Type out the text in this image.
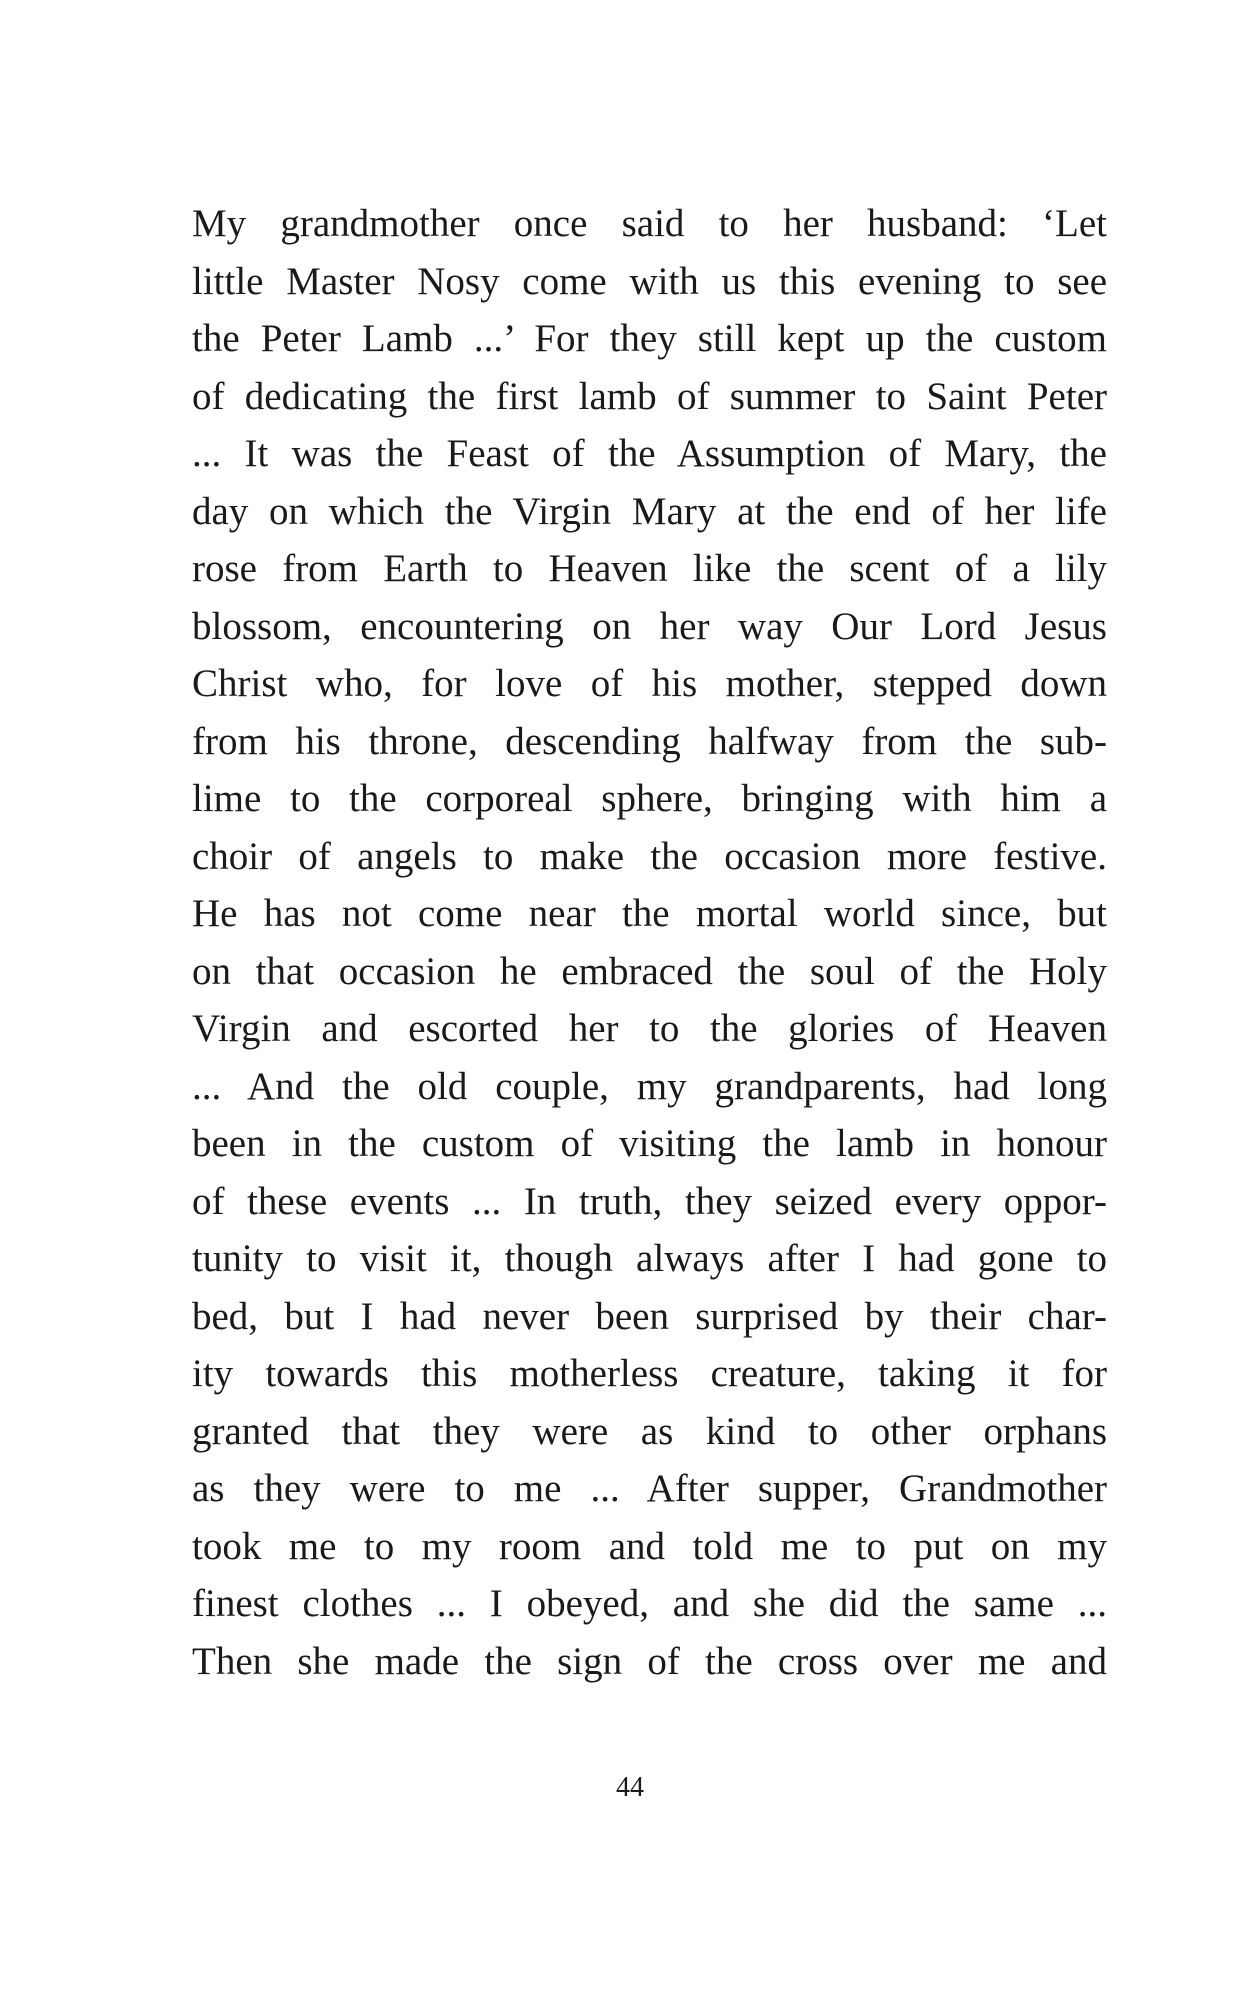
My grandmother once said to her husband: ‘Let
little Master Nosy come with us this evening to see
the Peter Lamb ...’ For they still kept up the custom
of dedicating the first lamb of summer to Saint Peter
... It was the Feast of the Assumption of Mary, the
day on which the Virgin Mary at the end of her life
rose from Earth to Heaven like the scent of a lily
blossom, encountering on her way Our Lord Jesus
Christ who, for love of his mother, stepped down
from his throne, descending halfway from the sub-
lime to the corporeal sphere, bringing with him a
choir of angels to make the occasion more festive.
He has not come near the mortal world since, but
on that occasion he embraced the soul of the Holy
Virgin and escorted her to the glories of Heaven
... And the old couple, my grandparents, had long
been in the custom of visiting the lamb in honour
of these events ... In truth, they seized every oppor-
tunity to visit it, though always after I had gone to
bed, but I had never been surprised by their char-
ity towards this motherless creature, taking it for
granted that they were as kind to other orphans
as they were to me ... After supper, Grandmother
took me to my room and told me to put on my
finest clothes ... I obeyed, and she did the same ...
Then she made the sign of the cross over me and
44
